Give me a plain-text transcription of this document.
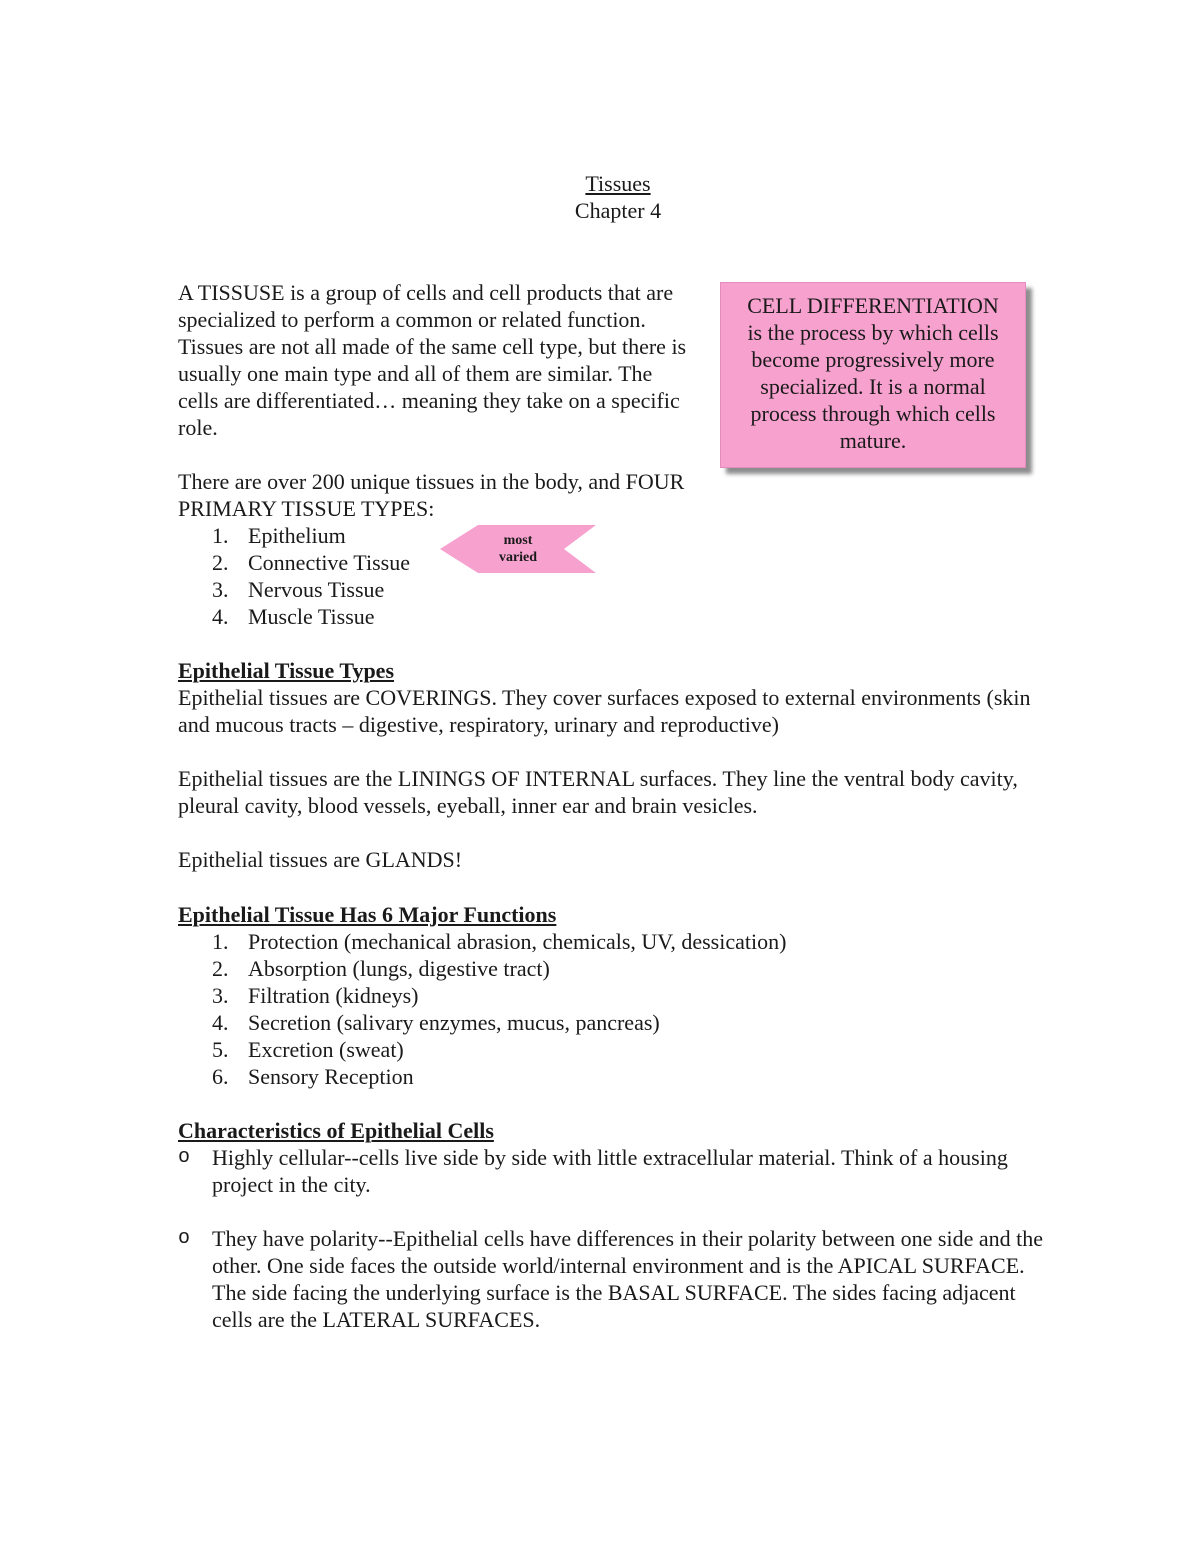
Tissues
Chapter 4

A TISSUSE is a group of cells and cell products that are specialized to perform a common or related function. Tissues are not all made of the same cell type, but there is usually one main type and all of them are similar. The cells are differentiated… meaning they take on a specific role.

CELL DIFFERENTIATION
is the process by which cells become progressively more specialized. It is a normal process through which cells mature.

There are over 200 unique tissues in the body, and FOUR PRIMARY TISSUE TYPES:

1. Epithelium
2. Connective Tissue
3. Nervous Tissue
4. Muscle Tissue
most
varied
Epithelial Tissue Types

Epithelial tissues are COVERINGS. They cover surfaces exposed to external environments (skin and mucous tracts – digestive, respiratory, urinary and reproductive)

Epithelial tissues are the LININGS OF INTERNAL surfaces. They line the ventral body cavity, pleural cavity, blood vessels, eyeball, inner ear and brain vesicles.

Epithelial tissues are GLANDS!

Epithelial Tissue Has 6 Major Functions
1. Protection (mechanical abrasion, chemicals, UV, dessication)
2. Absorption (lungs, digestive tract)
3. Filtration (kidneys)
4. Secretion (salivary enzymes, mucus, pancreas)
5. Excretion (sweat)
6. Sensory Reception
Characteristics of Epithelial Cells
o Highly cellular--cells live side by side with little extracellular material. Think of a housing project in the city.
o They have polarity--Epithelial cells have differences in their polarity between one side and the other. One side faces the outside world/internal environment and is the APICAL SURFACE. The side facing the underlying surface is the BASAL SURFACE. The sides facing adjacent cells are the LATERAL SURFACES.
